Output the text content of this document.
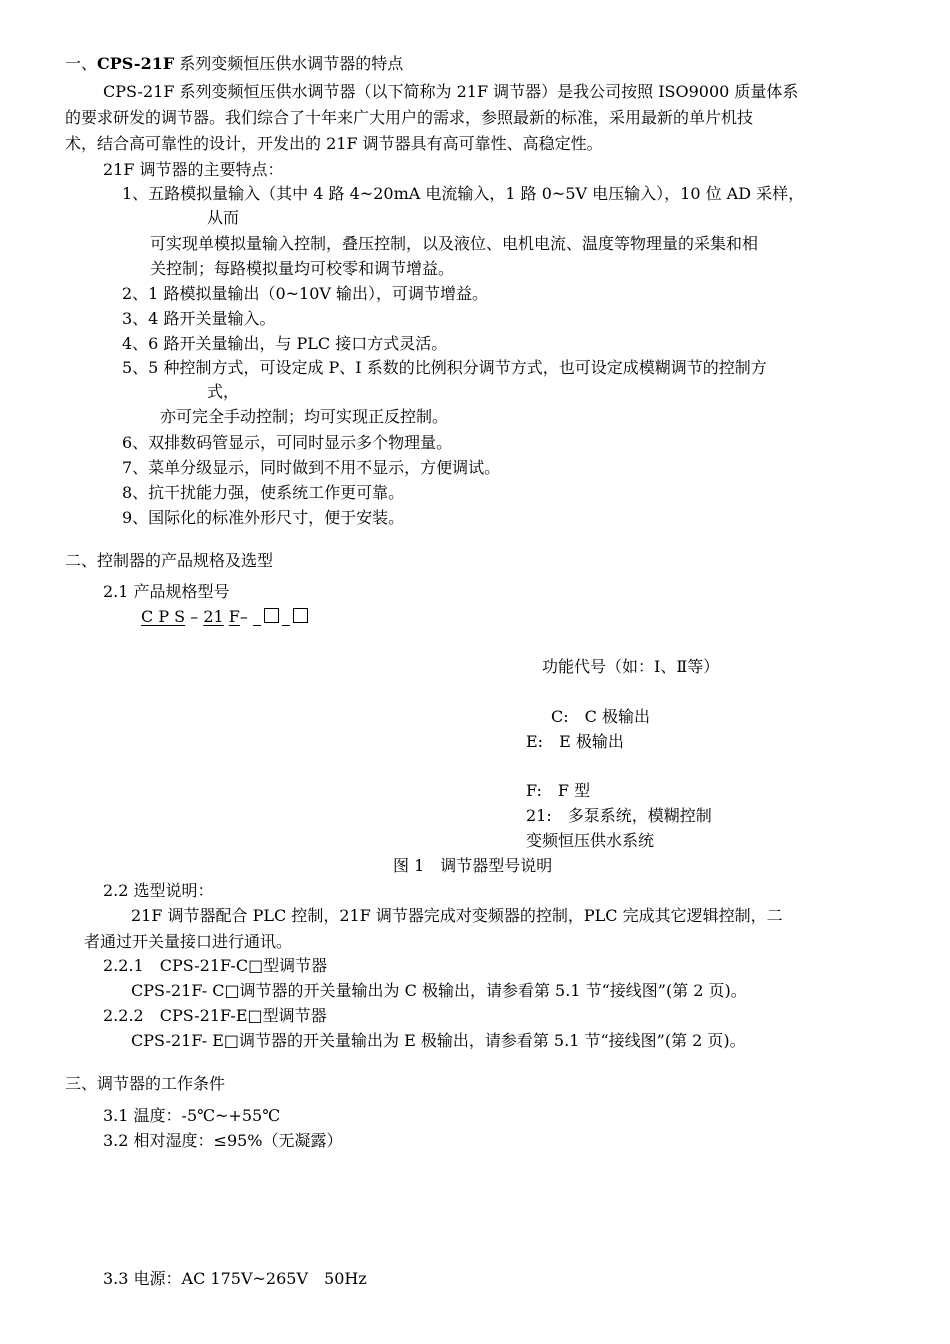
一、CPS-21F 系列变频恒压供水调节器的特点
CPS-21F 系列变频恒压供水调节器（以下简称为 21F 调节器）是我公司按照 ISO9000 质量体系
的要求研发的调节器。我们综合了十年来广大用户的需求，参照最新的标准，采用最新的单片机技
术，结合高可靠性的设计，开发出的 21F 调节器具有高可靠性、高稳定性。
21F 调节器的主要特点：
1、五路模拟量输入（其中 4 路 4~20mA 电流输入，1 路 0~5V 电压输入），10 位 AD 采样，
从而
可实现单模拟量输入控制，叠压控制，以及液位、电机电流、温度等物理量的采集和相
关控制；每路模拟量均可校零和调节增益。
2、1 路模拟量输出（0~10V 输出），可调节增益。
3、4 路开关量输入。
4、6 路开关量输出，与 PLC 接口方式灵活。
5、5 种控制方式，可设定成 P、I 系数的比例积分调节方式，也可设定成模糊调节的控制方
式，
亦可完全手动控制；均可实现正反控制。
6、双排数码管显示，可同时显示多个物理量。
7、菜单分级显示，同时做到不用不显示，方便调试。
8、抗干扰能力强，使系统工作更可靠。
9、国际化的标准外形尺寸，便于安装。
二、控制器的产品规格及选型
2.1 产品规格型号
C P S – 21 F–   
功能代号（如：Ⅰ、Ⅱ等）
C:　C 极输出
E:　E 极输出
F:　F 型
21:　多泵系统，模糊控制
变频恒压供水系统
图 1　调节器型号说明
2.2 选型说明：
21F 调节器配合 PLC 控制，21F 调节器完成对变频器的控制，PLC 完成其它逻辑控制，二
者通过开关量接口进行通讯。
2.2.1　CPS-21F-C□型调节器
CPS-21F- C□调节器的开关量输出为 C 极输出，请参看第 5.1 节“接线图”(第 2 页)。
2.2.2　CPS-21F-E□型调节器
CPS-21F- E□调节器的开关量输出为 E 极输出，请参看第 5.1 节“接线图”(第 2 页)。
三、调节器的工作条件
3.1 温度：-5℃~+55℃
3.2 相对湿度：≤95%（无凝露）
3.3 电源：AC 175V~265V　50Hz
